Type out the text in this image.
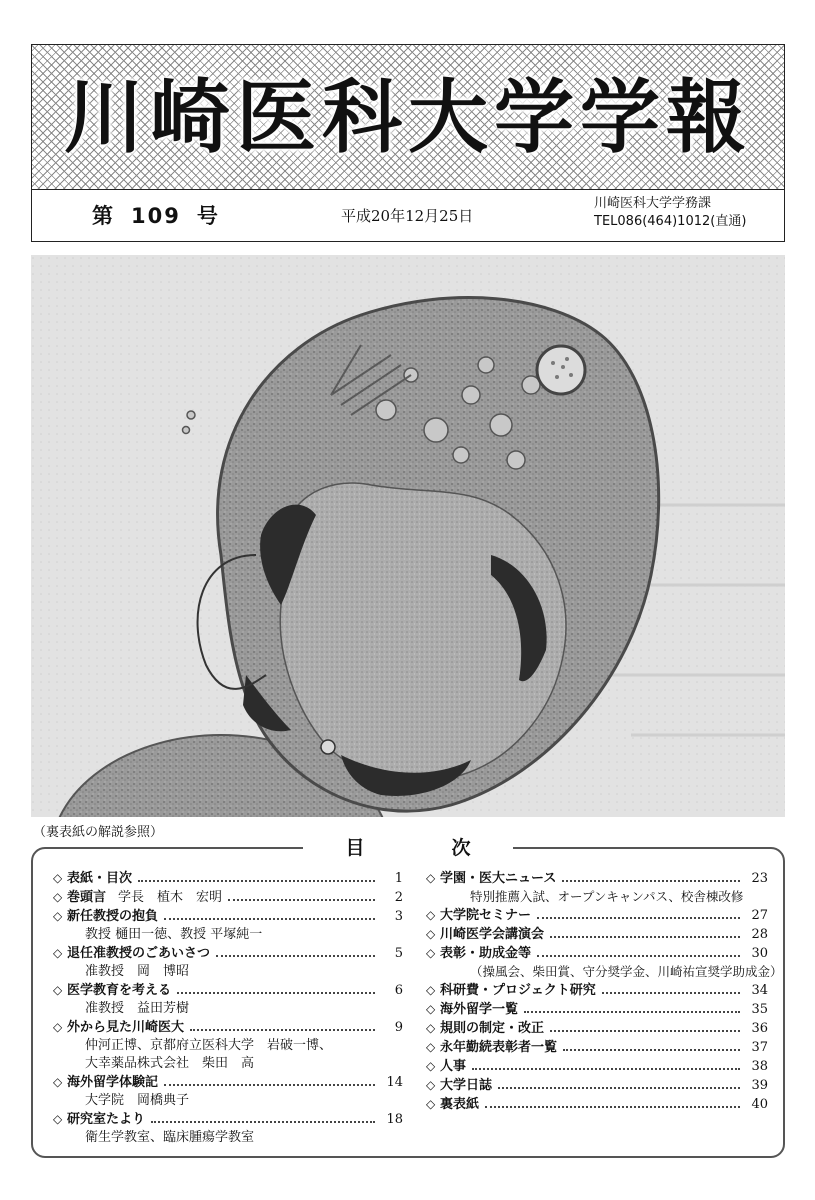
川崎医科大学学報
第 109 号	平成20年12月25日
川崎医科大学学務課
TEL086(464)1012(直通)
（裏表紙の解説参照）
目　次
◇ 表紙・目次	1
◇ 巻頭言 学長　植木　宏明	2
◇ 新任教授の抱負	3
教授 樋田一徳、教授 平塚純一
◇ 退任准教授のごあいさつ	5
准教授　岡　博昭
◇ 医学教育を考える	6
准教授　益田芳樹
◇ 外から見た川崎医大	9
仲河正博、京都府立医科大学　岩破一博、
大幸薬品株式会社　柴田　高
◇ 海外留学体験記	14
大学院　岡橋典子
◇ 研究室たより	18
衛生学教室、臨床腫瘍学教室
◇ 学園・医大ニュース	23
特別推薦入試、オープンキャンパス、校舎棟改修
◇ 大学院セミナー	27
◇ 川崎医学会講演会	28
◇ 表彰・助成金等	30
（操風会、柴田賞、守分奨学金、川崎祐宣奨学助成金）
◇ 科研費・プロジェクト研究	34
◇ 海外留学一覧	35
◇ 規則の制定・改正	36
◇ 永年勤続表彰者一覧	37
◇ 人事	38
◇ 大学日誌	39
◇ 裏表紙	40
